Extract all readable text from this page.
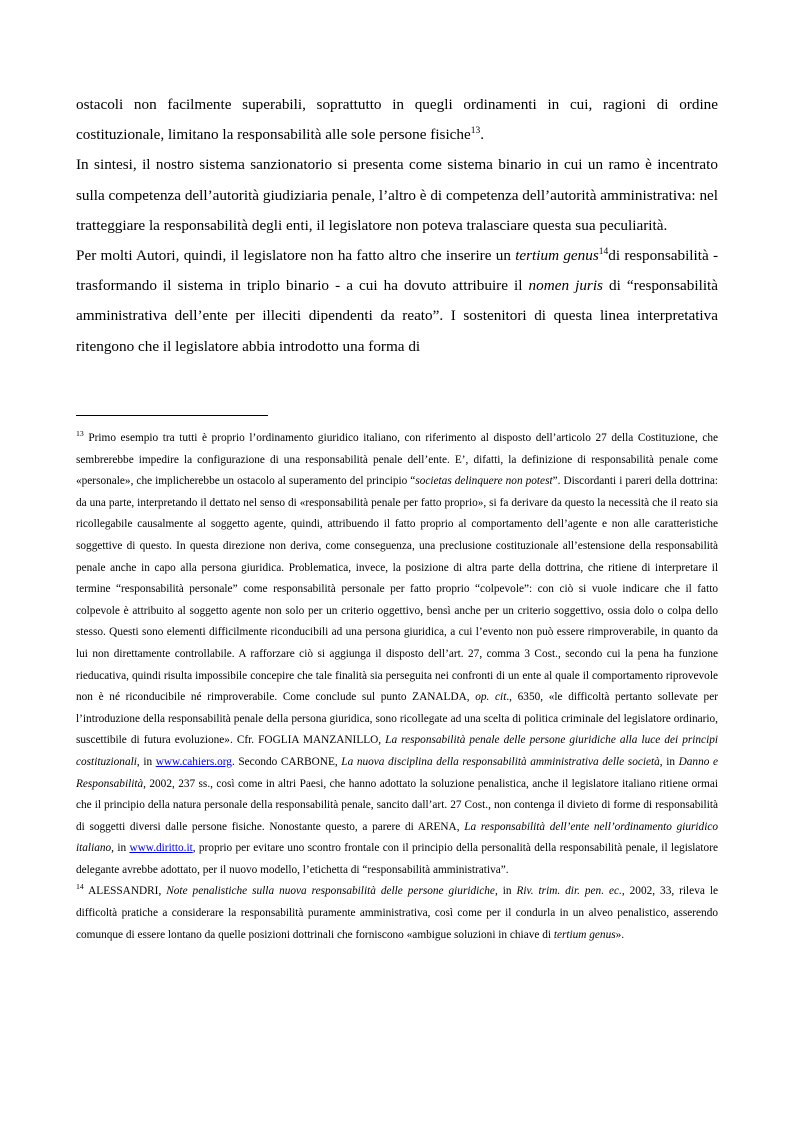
ostacoli non facilmente superabili, soprattutto in quegli ordinamenti in cui, ragioni di ordine costituzionale, limitano la responsabilità alle sole persone fisiche$^{13}$.

In sintesi, il nostro sistema sanzionatorio si presenta come sistema binario in cui un ramo è incentrato sulla competenza dell’autorità giudiziaria penale, l’altro è di competenza dell’autorità amministrativa: nel tratteggiare la responsabilità degli enti, il legislatore non poteva tralasciare questa sua peculiarità.

Per molti Autori, quindi, il legislatore non ha fatto altro che inserire un tertium genus$^{14}$di responsabilità - trasformando il sistema in triplo binario - a cui ha dovuto attribuire il nomen juris di “responsabilità amministrativa dell’ente per illeciti dipendenti da reato”. I sostenitori di questa linea interpretativa ritengono che il legislatore abbia introdotto una forma di

$^{13}$ Primo esempio tra tutti è proprio l’ordinamento giuridico italiano, con riferimento al disposto dell’articolo 27 della Costituzione, che sembrerebbe impedire la configurazione di una responsabilità penale dell’ente. E’, difatti, la definizione di responsabilità penale come «personale», che implicherebbe un ostacolo al superamento del principio “societas delinquere non potest”. Discordanti i pareri della dottrina: da una parte, interpretando il dettato nel senso di «responsabilità penale per fatto proprio», si fa derivare da questo la necessità che il reato sia ricollegabile causalmente al soggetto agente, quindi, attribuendo il fatto proprio al comportamento dell’agente e non alle caratteristiche soggettive di questo. In questa direzione non deriva, come conseguenza, una preclusione costituzionale all’estensione della responsabilità penale anche in capo alla persona giuridica. Problematica, invece, la posizione di altra parte della dottrina, che ritiene di interpretare il termine “responsabilità personale” come responsabilità personale per fatto proprio “colpevole”: con ciò si vuole indicare che il fatto colpevole è attribuito al soggetto agente non solo per un criterio oggettivo, bensì anche per un criterio soggettivo, ossia dolo o colpa dello stesso. Questi sono elementi difficilmente riconducibili ad una persona giuridica, a cui l’evento non può essere rimproverabile, in quanto da lui non direttamente controllabile. A rafforzare ciò si aggiunga il disposto dell’art. 27, comma 3 Cost., secondo cui la pena ha funzione rieducativa, quindi risulta impossibile concepire che tale finalità sia perseguita nei confronti di un ente al quale il comportamento riprovevole non è né riconducibile né rimproverabile. Come conclude sul punto ZANALDA, op. cit., 6350, «le difficoltà pertanto sollevate per l’introduzione della responsabilità penale della persona giuridica, sono ricollegate ad una scelta di politica criminale del legislatore ordinario, suscettibile di futura evoluzione». Cfr. FOGLIA MANZANILLO, La responsabilità penale delle persone giuridiche alla luce dei principi costituzionali, in www.cahiers.org. Secondo CARBONE, La nuova disciplina della responsabilità amministrativa delle società, in Danno e Responsabilità, 2002, 237 ss., così come in altri Paesi, che hanno adottato la soluzione penalistica, anche il legislatore italiano ritiene ormai che il principio della natura personale della responsabilità penale, sancito dall’art. 27 Cost., non contenga il divieto di forme di responsabilità di soggetti diversi dalle persone fisiche. Nonostante questo, a parere di ARENA, La responsabilità dell’ente nell’ordinamento giuridico italiano, in www.diritto.it, proprio per evitare uno scontro frontale con il principio della personalità della responsabilità penale, il legislatore delegante avrebbe adottato, per il nuovo modello, l’etichetta di “responsabilità amministrativa”.

$^{14}$ ALESSANDRI, Note penalistiche sulla nuova responsabilità delle persone giuridiche, in Riv. trim. dir. pen. ec., 2002, 33, rileva le difficoltà pratiche a considerare la responsabilità puramente amministrativa, così come per il condurla in un alveo penalistico, asserendo comunque di essere lontano da quelle posizioni dottrinali che forniscono «ambigue soluzioni in chiave di tertium genus».
